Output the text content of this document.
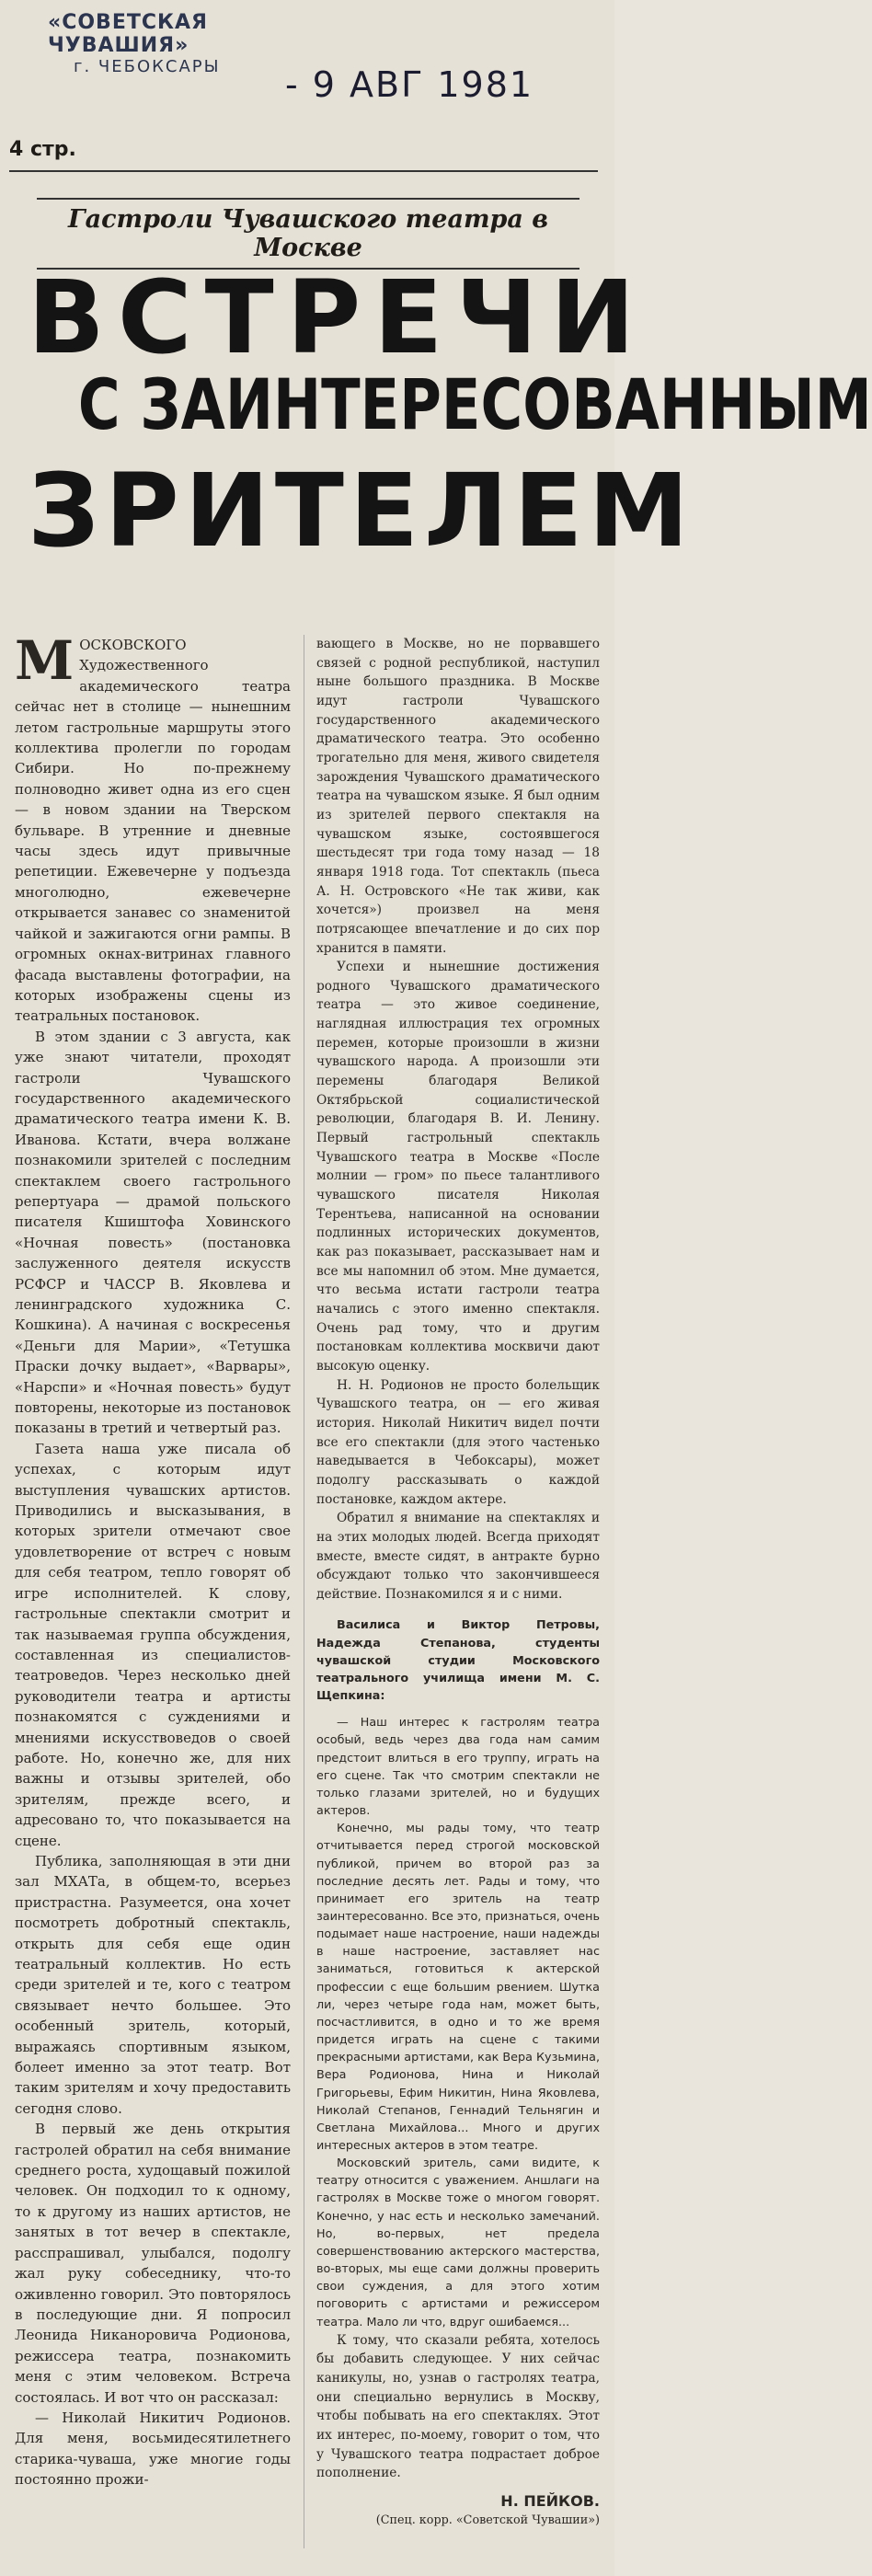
«СОВЕТСКАЯ ЧУВАШИЯ»
г. ЧЕБОКСАРЫ	- 9 АВГ 1981
4 стр.
Гастроли Чувашского театра в Москве
ВСТРЕЧИ
С ЗАИНТЕРЕСОВАННЫМ
ЗРИТЕЛЕМ

МОСКОВСКОГО Художественного академического театра сейчас нет в столице — нынешним летом гастрольные маршруты этого коллектива пролегли по городам Сибири. Но по-прежнему полноводно живет одна из его сцен — в новом здании на Тверском бульваре. В утренние и дневные часы здесь идут привычные репетиции. Ежевечерне у подъезда многолюдно, ежевечерне открывается занавес со знаменитой чайкой и зажигаются огни рампы. В огромных окнах-витринах главного фасада выставлены фотографии, на которых изображены сцены из театральных постановок.

В этом здании с 3 августа, как уже знают читатели, проходят гастроли Чувашского государственного академического драматического театра имени К. В. Иванова. Кстати, вчера волжане познакомили зрителей с последним спектаклем своего гастрольного репертуара — драмой польского писателя Кшиштофа Ховинского «Ночная повесть» (постановка заслуженного деятеля искусств РСФСР и ЧАССР В. Яковлева и ленинградского художника С. Кошкина). А начиная с воскресенья «Деньги для Марии», «Тетушка Праски дочку выдает», «Варвары», «Нарспи» и «Ночная повесть» будут повторены, некоторые из постановок показаны в третий и четвертый раз.

Газета наша уже писала об успехах, с которым идут выступления чувашских артистов. Приводились и высказывания, в которых зрители отмечают свое удовлетворение от встреч с новым для себя театром, тепло говорят об игре исполнителей. К слову, гастрольные спектакли смотрит и так называемая группа обсуждения, составленная из специалистов-театроведов. Через несколько дней руководители театра и артисты познакомятся с суждениями и мнениями искусствоведов о своей работе. Но, конечно же, для них важны и отзывы зрителей, обо зрителям, прежде всего, и адресовано то, что показывается на сцене.

Публика, заполняющая в эти дни зал МХАТа, в общем-то, всерьез пристрастна. Разумеется, она хочет посмотреть добротный спектакль, открыть для себя еще один театральный коллектив. Но есть среди зрителей и те, кого с театром связывает нечто большее. Это особенный зритель, который, выражаясь спортивным языком, болеет именно за этот театр. Вот таким зрителям и хочу предоставить сегодня слово.

В первый же день открытия гастролей обратил на себя внимание среднего роста, худощавый пожилой человек. Он подходил то к одному, то к другому из наших артистов, не занятых в тот вечер в спектакле, расспрашивал, улыбался, подолгу жал руку собеседнику, что-то оживленно говорил. Это повторялось в последующие дни. Я попросил Леонида Никаноровича Родионова, режиссера театра, познакомить меня с этим человеком. Встреча состоялась. И вот что он рассказал:

— Николай Никитич Родионов. Для меня, восьмидесятилетнего старика-чуваша, уже многие годы постоянно прожи-

вающего в Москве, но не порвавшего связей с родной республикой, наступил ныне большого праздника. В Москве идут гастроли Чувашского государственного академического драматического театра. Это особенно трогательно для меня, живого свидетеля зарождения Чувашского драматического театра на чувашском языке. Я был одним из зрителей первого спектакля на чувашском языке, состоявшегося шестьдесят три года тому назад — 18 января 1918 года. Тот спектакль (пьеса А. Н. Островского «Не так живи, как хочется») произвел на меня потрясающее впечатление и до сих пор хранится в памяти.

Успехи и нынешние достижения родного Чувашского драматического театра — это живое соединение, наглядная иллюстрация тех огромных перемен, которые произошли в жизни чувашского народа. А произошли эти перемены благодаря Великой Октябрьской социалистической революции, благодаря В. И. Ленину. Первый гастрольный спектакль Чувашского театра в Москве «После молнии — гром» по пьесе талантливого чувашского писателя Николая Терентьева, написанной на основании подлинных исторических документов, как раз показывает, рассказывает нам и все мы напомнил об этом. Мне думается, что весьма истати гастроли театра начались с этого именно спектакля. Очень рад тому, что и другим постановкам коллектива москвичи дают высокую оценку.

Н. Н. Родионов не просто болельщик Чувашского театра, он — его живая история. Николай Никитич видел почти все его спектакли (для этого частенько наведывается в Чебоксары), может подолгу рассказывать о каждой постановке, каждом актере.

Обратил я внимание на спектаклях и на этих молодых людей. Всегда приходят вместе, вместе сидят, в антракте бурно обсуждают только что закончившееся действие. Познакомился я и с ними.

Василиса и Виктор Петровы, Надежда Степанова, студенты чувашской студии Московского театрального училища имени М. С. Щепкина:

— Наш интерес к гастролям театра особый, ведь через два года нам самим предстоит влиться в его труппу, играть на его сцене. Так что смотрим спектакли не только глазами зрителей, но и будущих актеров.

Конечно, мы рады тому, что театр отчитывается перед строгой московской публикой, причем во второй раз за последние десять лет. Рады и тому, что принимает его зритель на театр заинтересованно. Все это, признаться, очень подымает наше настроение, наши надежды в наше настроение, заставляет нас заниматься, готовиться к актерской профессии с еще большим рвением. Шутка ли, через четыре года нам, может быть, посчастливится, в одно и то же время придется играть на сцене с такими прекрасными артистами, как Вера Кузьмина, Вера Родионова, Нина и Николай Григорьевы, Ефим Никитин, Нина Яковлева, Николай Степанов, Геннадий Тельнягин и Светлана Михайлова... Много и других интересных актеров в этом театре.

Московский зритель, сами видите, к театру относится с уважением. Аншлаги на гастролях в Москве тоже о многом говорят. Конечно, у нас есть и несколько замечаний. Но, во-первых, нет предела совершенствованию актерского мастерства, во-вторых, мы еще сами должны проверить свои суждения, а для этого хотим поговорить с артистами и режиссером театра. Мало ли что, вдруг ошибаемся...

К тому, что сказали ребята, хотелось бы добавить следующее. У них сейчас каникулы, но, узнав о гастролях театра, они специально вернулись в Москву, чтобы побывать на его спектаклях. Этот их интерес, по-моему, говорит о том, что у Чувашского театра подрастает доброе пополнение.

Н. ПЕЙКОВ.
(Спец. корр. «Советской Чувашии»)
